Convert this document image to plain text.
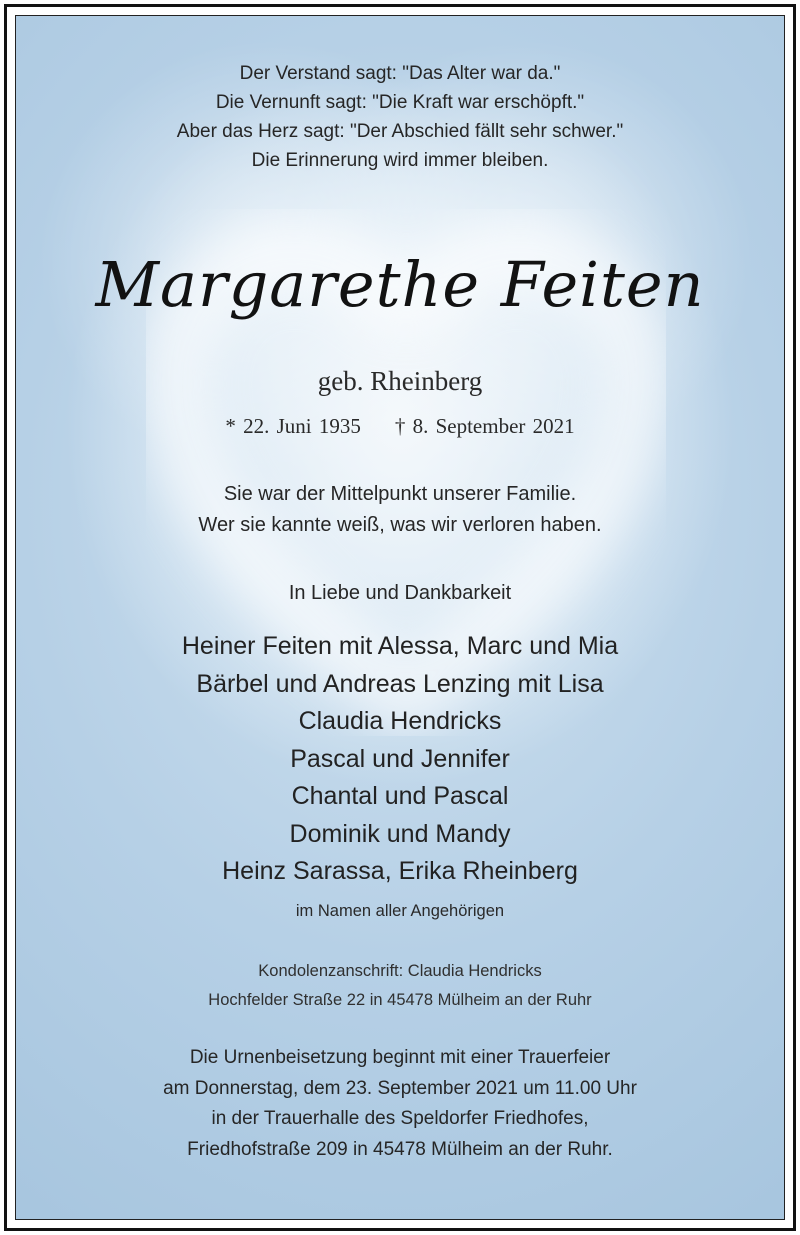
Der Verstand sagt: "Das Alter war da."
Die Vernunft sagt: "Die Kraft war erschöpft."
Aber das Herz sagt: "Der Abschied fällt sehr schwer."
Die Erinnerung wird immer bleiben.
Margarethe Feiten
geb. Rheinberg
* 22. Juni 1935 † 8. September 2021
Sie war der Mittelpunkt unserer Familie.
Wer sie kannte weiß, was wir verloren haben.
In Liebe und Dankbarkeit
Heiner Feiten mit Alessa, Marc und Mia
Bärbel und Andreas Lenzing mit Lisa
Claudia Hendricks
Pascal und Jennifer
Chantal und Pascal
Dominik und Mandy
Heinz Sarassa, Erika Rheinberg
im Namen aller Angehörigen
Kondolenzanschrift: Claudia Hendricks
Hochfelder Straße 22 in 45478 Mülheim an der Ruhr
Die Urnenbeisetzung beginnt mit einer Trauerfeier
am Donnerstag, dem 23. September 2021 um 11.00 Uhr
in der Trauerhalle des Speldorfer Friedhofes,
Friedhofstraße 209 in 45478 Mülheim an der Ruhr.
